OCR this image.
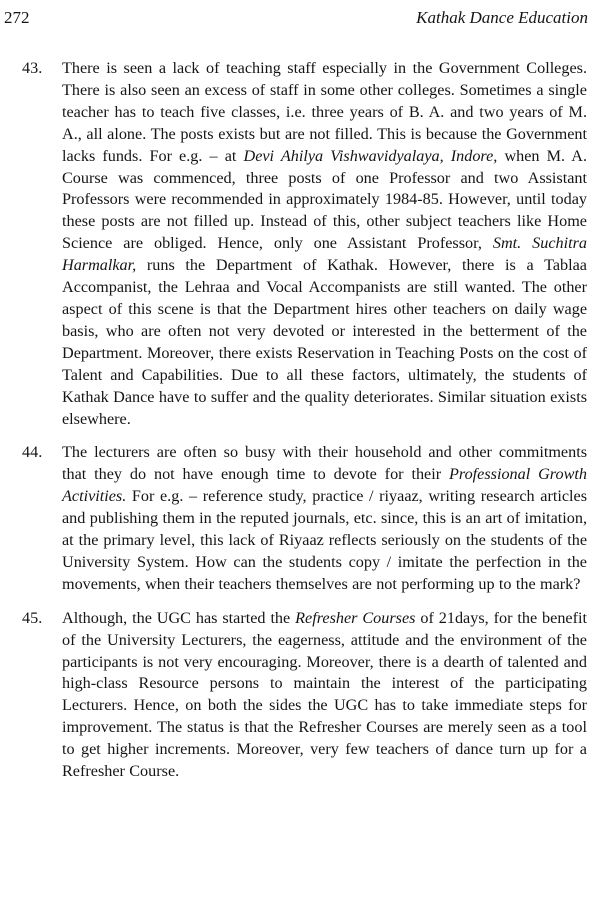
272	Kathak Dance Education
43.	There is seen a lack of teaching staff especially in the Government Colleges. There is also seen an excess of staff in some other colleges. Sometimes a single teacher has to teach five classes, i.e. three years of B. A. and two years of M. A., all alone. The posts exists but are not filled. This is because the Government lacks funds. For e.g. – at Devi Ahilya Vishwavidyalaya, Indore, when M. A. Course was commenced, three posts of one Professor and two Assistant Professors were recommended in approximately 1984-85. However, until today these posts are not filled up. Instead of this, other subject teachers like Home Science are obliged. Hence, only one Assistant Professor, Smt. Suchitra Harmalkar, runs the Department of Kathak. However, there is a Tablaa Accompanist, the Lehraa and Vocal Accompanists are still wanted. The other aspect of this scene is that the Department hires other teachers on daily wage basis, who are often not very devoted or interested in the betterment of the Department. Moreover, there exists Reservation in Teaching Posts on the cost of Talent and Capabilities. Due to all these factors, ultimately, the students of Kathak Dance have to suffer and the quality deteriorates. Similar situation exists elsewhere.
44.	The lecturers are often so busy with their household and other commitments that they do not have enough time to devote for their Professional Growth Activities. For e.g. – reference study, practice / riyaaz, writing research articles and publishing them in the reputed journals, etc. since, this is an art of imitation, at the primary level, this lack of Riyaaz reflects seriously on the students of the University System. How can the students copy / imitate the perfection in the movements, when their teachers themselves are not performing up to the mark?
45.	Although, the UGC has started the Refresher Courses of 21days, for the benefit of the University Lecturers, the eagerness, attitude and the environment of the participants is not very encouraging. Moreover, there is a dearth of talented and high-class Resource persons to maintain the interest of the participating Lecturers. Hence, on both the sides the UGC has to take immediate steps for improvement. The status is that the Refresher Courses are merely seen as a tool to get higher increments. Moreover, very few teachers of dance turn up for a Refresher Course.
